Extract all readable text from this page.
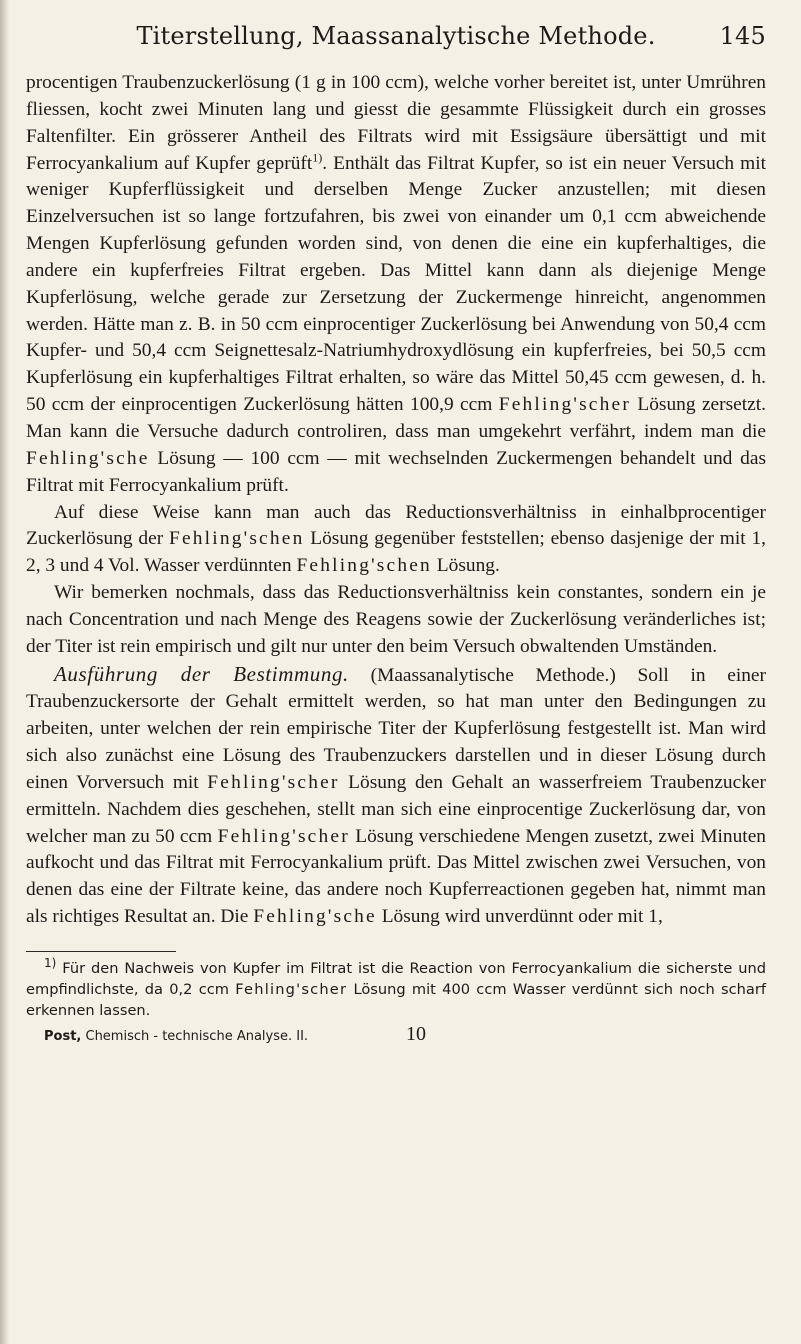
Titerstellung, Maassanalytische Methode.	145

procentigen Traubenzuckerlösung (1 g in 100 ccm), welche vorher bereitet ist, unter Umrühren fliessen, kocht zwei Minuten lang und giesst die gesammte Flüssigkeit durch ein grosses Faltenfilter. Ein grösserer Antheil des Filtrats wird mit Essigsäure übersättigt und mit Ferrocyankalium auf Kupfer geprüft$^{1)}$. Enthält das Filtrat Kupfer, so ist ein neuer Versuch mit weniger Kupferflüssigkeit und derselben Menge Zucker anzustellen; mit diesen Einzelversuchen ist so lange fortzufahren, bis zwei von einander um 0,1 ccm abweichende Mengen Kupferlösung gefunden worden sind, von denen die eine ein kupferhaltiges, die andere ein kupferfreies Filtrat ergeben. Das Mittel kann dann als diejenige Menge Kupferlösung, welche gerade zur Zersetzung der Zuckermenge hinreicht, angenommen werden. Hätte man z. B. in 50 ccm einprocentiger Zuckerlösung bei Anwendung von 50,4 ccm Kupfer- und 50,4 ccm Seignettesalz-Natriumhydroxydlösung ein kupferfreies, bei 50,5 ccm Kupferlösung ein kupferhaltiges Filtrat erhalten, so wäre das Mittel 50,45 ccm gewesen, d. h. 50 ccm der einprocentigen Zuckerlösung hätten 100,9 ccm Fehling'scher Lösung zersetzt. Man kann die Versuche dadurch controliren, dass man umgekehrt verfährt, indem man die Fehling'sche Lösung — 100 ccm — mit wechselnden Zuckermengen behandelt und das Filtrat mit Ferrocyankalium prüft.

Auf diese Weise kann man auch das Reductionsverhältniss in einhalbprocentiger Zuckerlösung der Fehling'schen Lösung gegenüber feststellen; ebenso dasjenige der mit 1, 2, 3 und 4 Vol. Wasser verdünnten Fehling'schen Lösung.

Wir bemerken nochmals, dass das Reductionsverhältniss kein constantes, sondern ein je nach Concentration und nach Menge des Reagens sowie der Zuckerlösung veränderliches ist; der Titer ist rein empirisch und gilt nur unter den beim Versuch obwaltenden Umständen.

Ausführung der Bestimmung. (Maassanalytische Methode.) Soll in einer Traubenzuckersorte der Gehalt ermittelt werden, so hat man unter den Bedingungen zu arbeiten, unter welchen der rein empirische Titer der Kupferlösung festgestellt ist. Man wird sich also zunächst eine Lösung des Traubenzuckers darstellen und in dieser Lösung durch einen Vorversuch mit Fehling'scher Lösung den Gehalt an wasserfreiem Traubenzucker ermitteln. Nachdem dies geschehen, stellt man sich eine einprocentige Zuckerlösung dar, von welcher man zu 50 ccm Fehling'scher Lösung verschiedene Mengen zusetzt, zwei Minuten aufkocht und das Filtrat mit Ferrocyankalium prüft. Das Mittel zwischen zwei Versuchen, von denen das eine der Filtrate keine, das andere noch Kupferreactionen gegeben hat, nimmt man als richtiges Resultat an. Die Fehling'sche Lösung wird unverdünnt oder mit 1,

$^{1)}$ Für den Nachweis von Kupfer im Filtrat ist die Reaction von Ferrocyankalium die sicherste und empfindlichste, da 0,2 ccm Fehling'scher Lösung mit 400 ccm Wasser verdünnt sich noch scharf erkennen lassen.
Post, Chemisch - technische Analyse. II.	10
